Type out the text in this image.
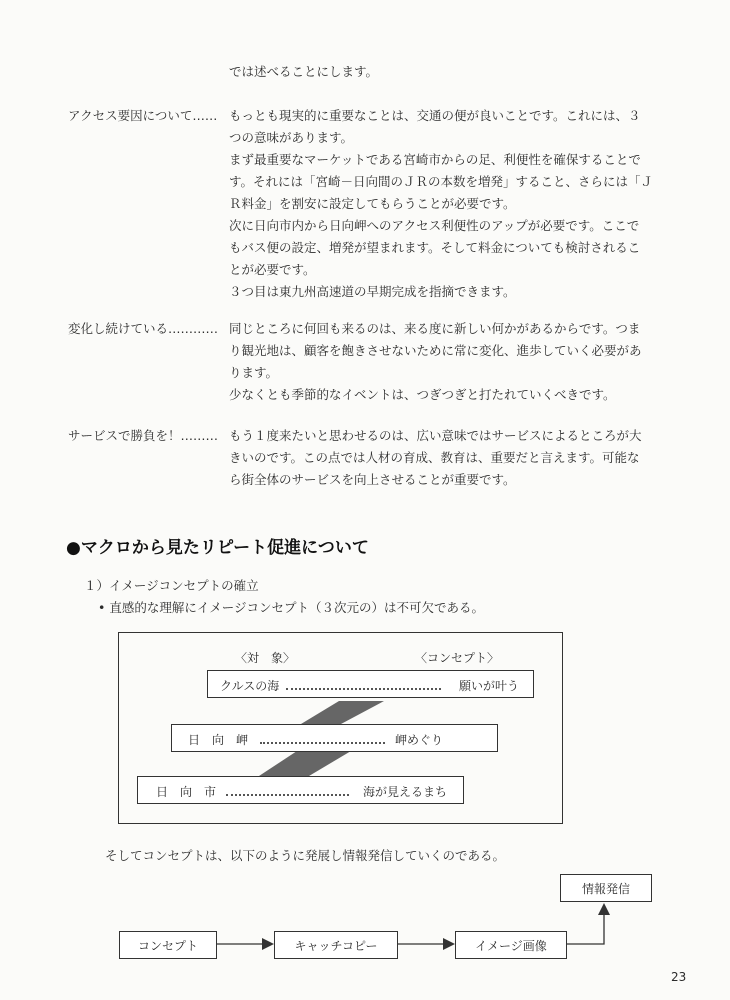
では述べることにします。
アクセス要因について…… もっとも現実的に重要なことは、交通の便が良いことです。これには、３
つの意味があります。
まず最重要なマーケットである宮崎市からの足、利便性を確保することで
す。それには「宮崎－日向間のＪＲの本数を増発」すること、さらには「Ｊ
Ｒ料金」を割安に設定してもらうことが必要です。
次に日向市内から日向岬へのアクセス利便性のアップが必要です。ここで
もバス便の設定、増発が望まれます。そして料金についても検討されるこ
とが必要です。
３つ目は東九州高速道の早期完成を指摘できます。
変化し続けている………… 同じところに何回も来るのは、来る度に新しい何かがあるからです。つま
り観光地は、顧客を飽きさせないために常に変化、進歩していく必要があ
ります。
少なくとも季節的なイベントは、つぎつぎと打たれていくべきです。
サービスで勝負を！……… もう１度来たいと思わせるのは、広い意味ではサービスによるところが大
きいのです。この点では人材の育成、教育は、重要だと言えます。可能な
ら街全体のサービスを向上させることが重要です。
●マクロから見たリピート促進について
１）イメージコンセプトの確立
• 直感的な理解にイメージコンセプト（３次元の）は不可欠である。
〈対　象〉	〈コンセプト〉
クルスの海	願いが叶う
日　向　岬	岬めぐり
日　向　市	海が見えるまち
そしてコンセプトは、以下のように発展し情報発信していくのである。
コンセプト	キャッチコピー	イメージ画像
情報発信
23
